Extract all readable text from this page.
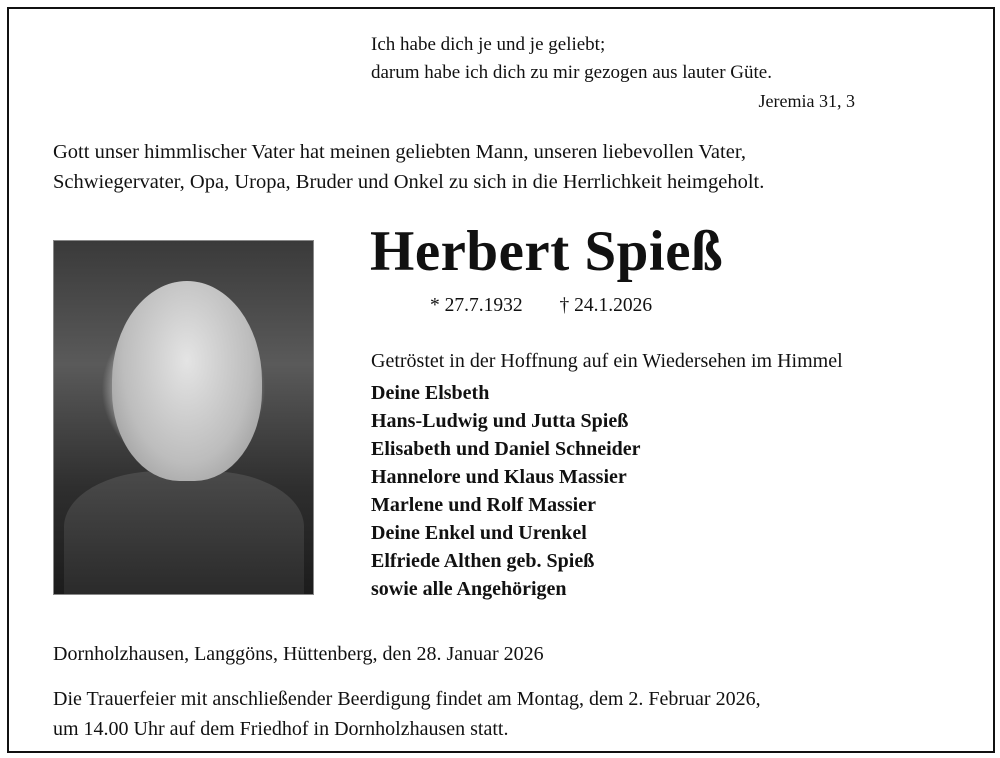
Ich habe dich je und je geliebt;
darum habe ich dich zu mir gezogen aus lauter Güte.
Jeremia 31, 3
Gott unser himmlischer Vater hat meinen geliebten Mann, unseren liebevollen Vater,
Schwiegervater, Opa, Uropa, Bruder und Onkel zu sich in die Herrlichkeit heimgeholt.
Herbert Spieß
* 27.7.1932 † 24.1.2026
Getröstet in der Hoffnung auf ein Wiedersehen im Himmel
Deine Elsbeth
Hans-Ludwig und Jutta Spieß
Elisabeth und Daniel Schneider
Hannelore und Klaus Massier
Marlene und Rolf Massier
Deine Enkel und Urenkel
Elfriede Althen geb. Spieß
sowie alle Angehörigen
Dornholzhausen, Langgöns, Hüttenberg, den 28. Januar 2026
Die Trauerfeier mit anschließender Beerdigung findet am Montag, dem 2. Februar 2026,
um 14.00 Uhr auf dem Friedhof in Dornholzhausen statt.
